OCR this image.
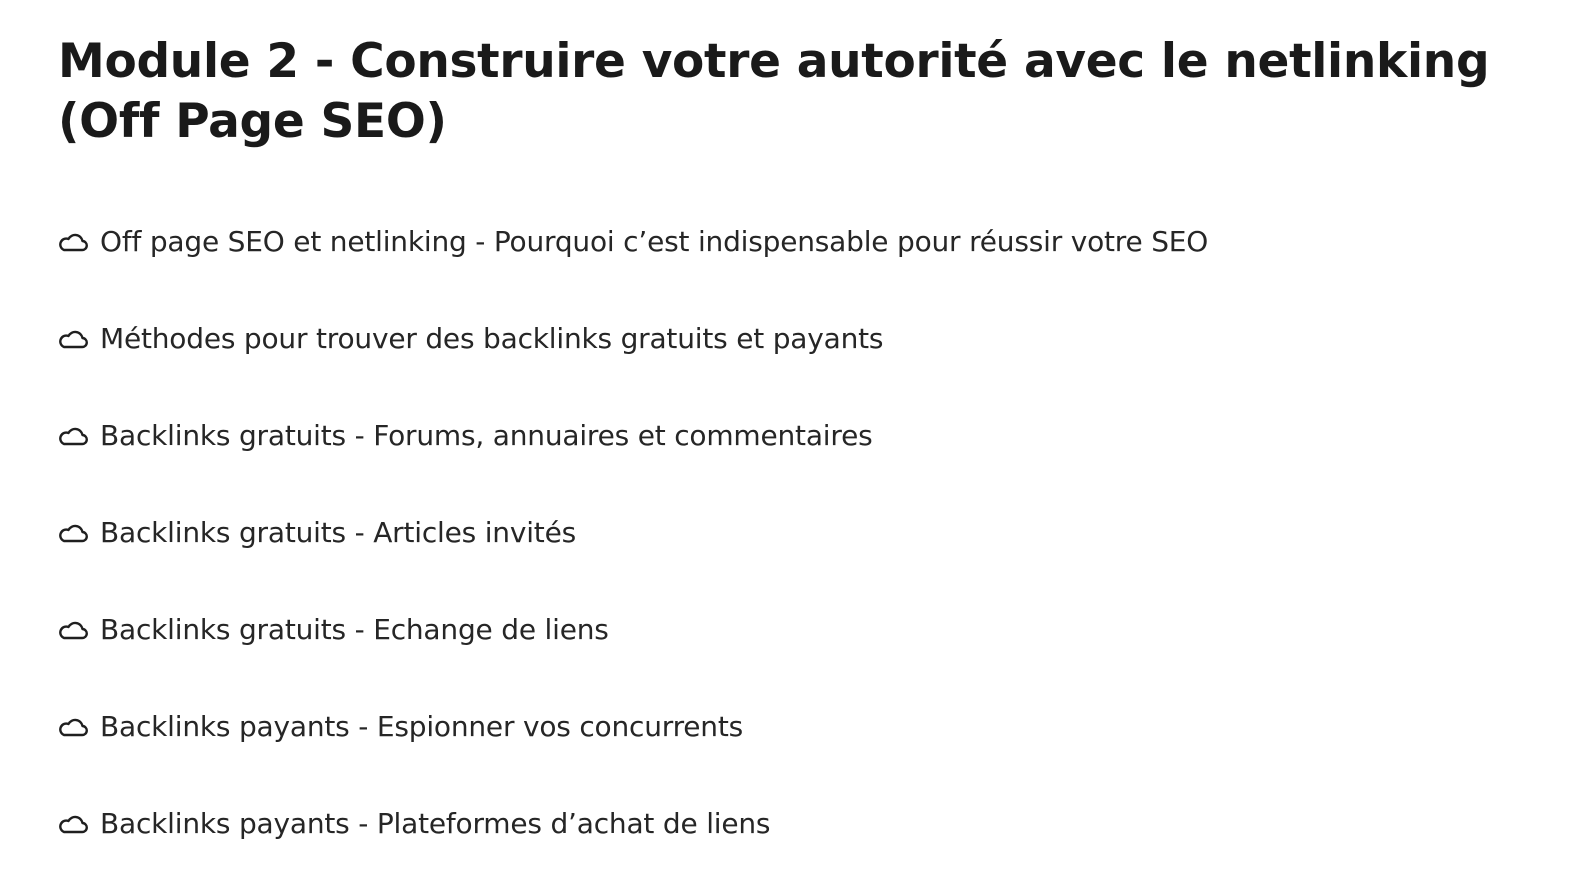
Module 2 - Construire votre autorité avec le netlinking (Off Page SEO)
Off page SEO et netlinking - Pourquoi c’est indispensable pour réussir votre SEO
Méthodes pour trouver des backlinks gratuits et payants
Backlinks gratuits - Forums, annuaires et commentaires
Backlinks gratuits - Articles invités
Backlinks gratuits - Echange de liens
Backlinks payants - Espionner vos concurrents
Backlinks payants - Plateformes d’achat de liens
